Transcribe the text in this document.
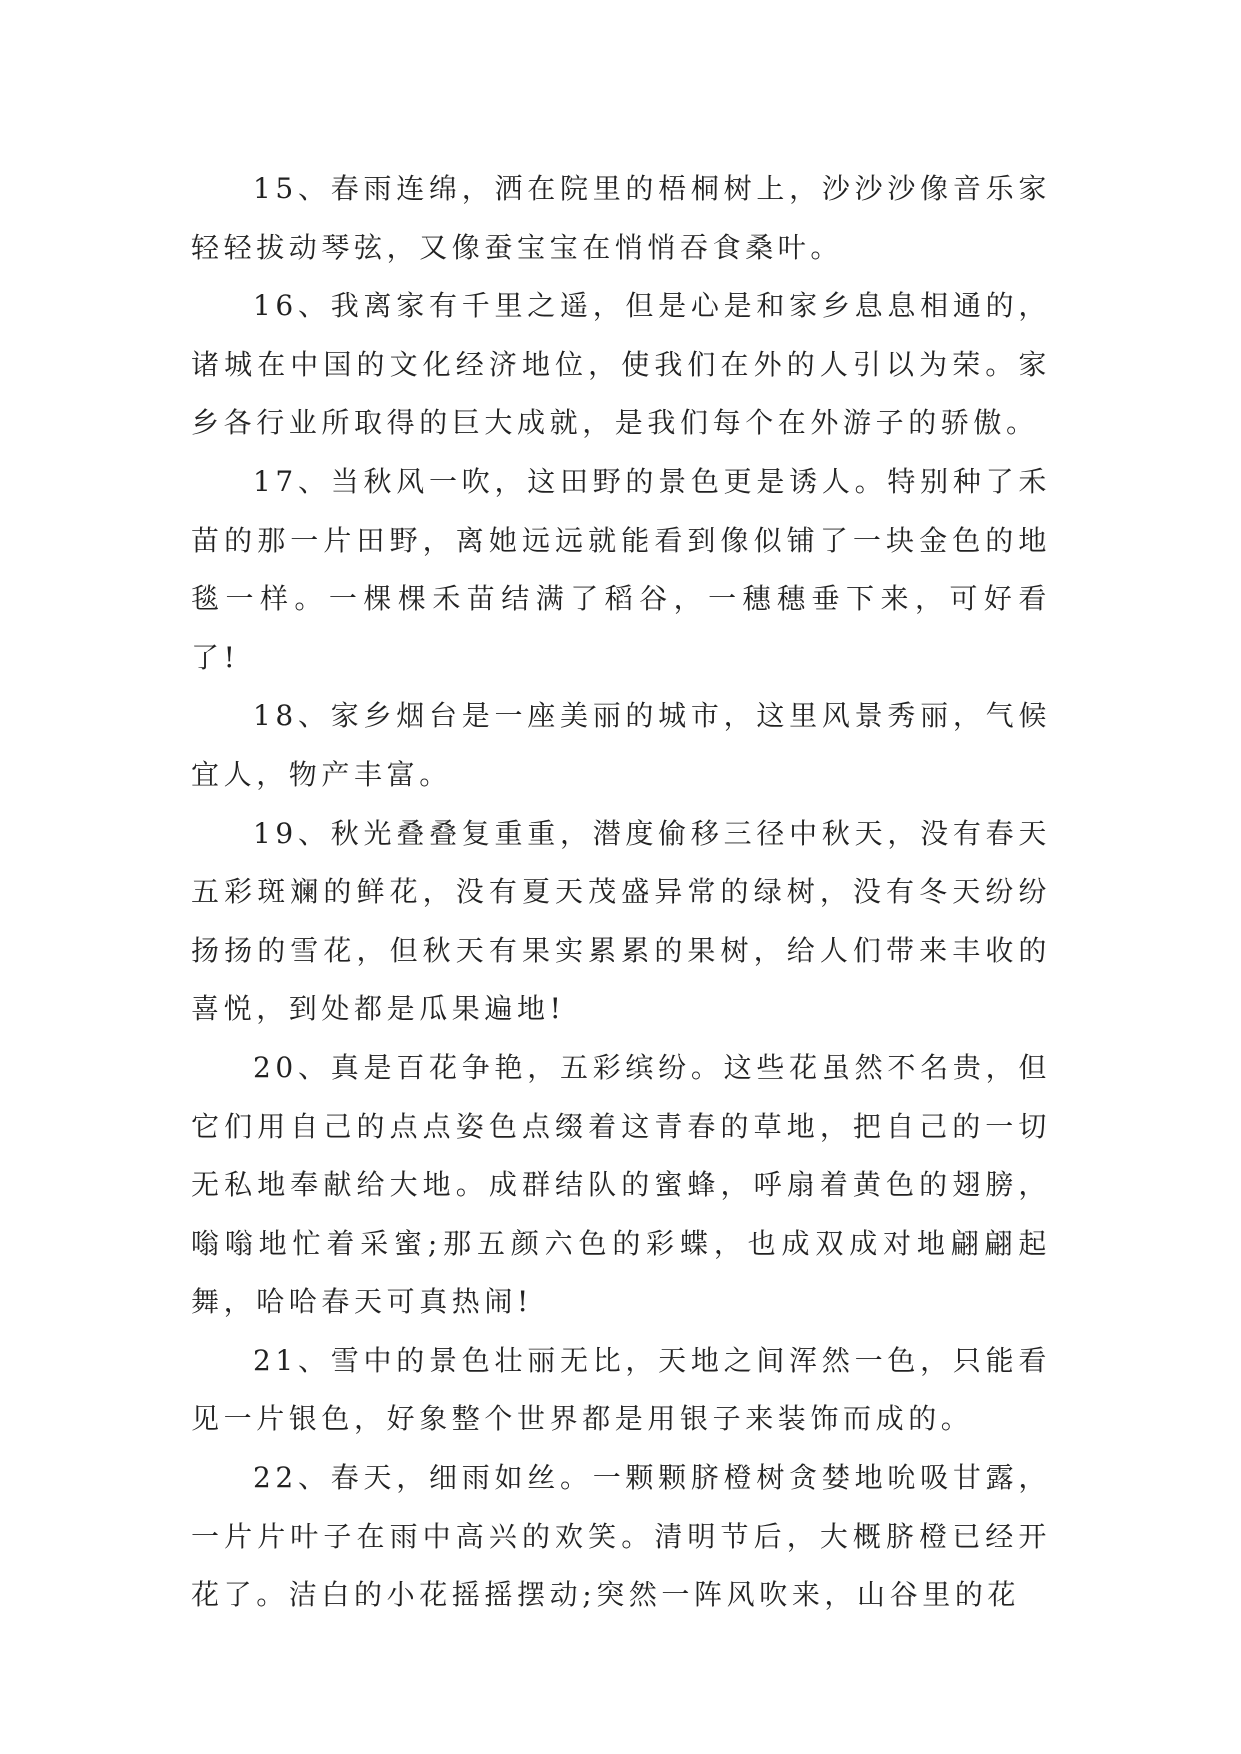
15、春雨连绵，洒在院里的梧桐树上，沙沙沙像音乐家轻轻拔动琴弦，又像蚕宝宝在悄悄吞食桑叶。

16、我离家有千里之遥，但是心是和家乡息息相通的，诸城在中国的文化经济地位，使我们在外的人引以为荣。家乡各行业所取得的巨大成就，是我们每个在外游子的骄傲。

17、当秋风一吹，这田野的景色更是诱人。特别种了禾苗的那一片田野，离她远远就能看到像似铺了一块金色的地毯一样。一棵棵禾苗结满了稻谷，一穗穗垂下来，可好看了!

18、家乡烟台是一座美丽的城市，这里风景秀丽，气候宜人，物产丰富。

19、秋光叠叠复重重，潜度偷移三径中秋天，没有春天五彩斑斓的鲜花，没有夏天茂盛异常的绿树，没有冬天纷纷扬扬的雪花，但秋天有果实累累的果树，给人们带来丰收的喜悦，到处都是瓜果遍地!

20、真是百花争艳，五彩缤纷。这些花虽然不名贵，但它们用自己的点点姿色点缀着这青春的草地，把自己的一切无私地奉献给大地。成群结队的蜜蜂，呼扇着黄色的翅膀，嗡嗡地忙着采蜜;那五颜六色的彩蝶，也成双成对地翩翩起舞，哈哈春天可真热闹!

21、雪中的景色壮丽无比，天地之间浑然一色，只能看见一片银色，好象整个世界都是用银子来装饰而成的。

22、春天，细雨如丝。一颗颗脐橙树贪婪地吮吸甘露，一片片叶子在雨中高兴的欢笑。清明节后，大概脐橙已经开花了。洁白的小花摇摇摆动;突然一阵风吹来，山谷里的花
